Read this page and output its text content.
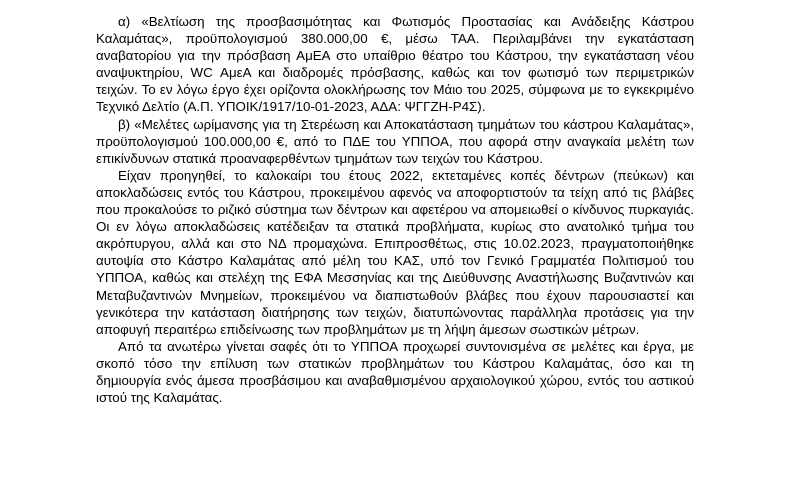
α) «Βελτίωση της προσβασιμότητας και Φωτισμός Προστασίας και Ανάδειξης Κάστρου Καλαμάτας», προϋπολογισμού 380.000,00 €, μέσω ΤΑΑ. Περιλαμβάνει την εγκατάσταση αναβατορίου για την πρόσβαση ΑμΕΑ στο υπαίθριο θέατρο του Κάστρου, την εγκατάσταση νέου αναψυκτηρίου, WC ΑμεΑ και διαδρομές πρόσβασης, καθώς και τον φωτισμό των περιμετρικών τειχών. Το εν λόγω έργο έχει ορίζοντα ολοκλήρωσης τον Μάιο του 2025, σύμφωνα με το εγκεκριμένο Τεχνικό Δελτίο (Α.Π. ΥΠΟΙΚ/1917/10-01-2023, ΑΔΑ: ΨΓΓΖΗ-Ρ4Σ).

β) «Μελέτες ωρίμανσης για τη Στερέωση και Αποκατάσταση τμημάτων του κάστρου Καλαμάτας», προϋπολογισμού 100.000,00 €, από το ΠΔΕ του ΥΠΠΟΑ, που αφορά στην αναγκαία μελέτη των επικίνδυνων στατικά προαναφερθέντων τμημάτων των τειχών του Κάστρου.

Είχαν προηγηθεί, το καλοκαίρι του έτους 2022, εκτεταμένες κοπές δέντρων (πεύκων) και αποκλαδώσεις εντός του Κάστρου, προκειμένου αφενός να αποφορτιστούν τα τείχη από τις βλάβες που προκαλούσε το ριζικό σύστημα των δέντρων και αφετέρου να απομειωθεί ο κίνδυνος πυρκαγιάς. Οι εν λόγω αποκλαδώσεις κατέδειξαν τα στατικά προβλήματα, κυρίως στο ανατολικό τμήμα του ακρόπυργου, αλλά και στο ΝΔ προμαχώνα. Επιπροσθέτως, στις 10.02.2023, πραγματοποιήθηκε αυτοψία στο Κάστρο Καλαμάτας από μέλη του ΚΑΣ, υπό τον Γενικό Γραμματέα Πολιτισμού του ΥΠΠΟΑ, καθώς και στελέχη της ΕΦΑ Μεσσηνίας και της Διεύθυνσης Αναστήλωσης Βυζαντινών και Μεταβυζαντινών Μνημείων, προκειμένου να διαπιστωθούν βλάβες που έχουν παρουσιαστεί και γενικότερα την κατάσταση διατήρησης των τειχών, διατυπώνοντας παράλληλα προτάσεις για την αποφυγή περαιτέρω επιδείνωσης των προβλημάτων με τη λήψη άμεσων σωστικών μέτρων.

Από τα ανωτέρω γίνεται σαφές ότι το ΥΠΠΟΑ προχωρεί συντονισμένα σε μελέτες και έργα, με σκοπό τόσο την επίλυση των στατικών προβλημάτων του Κάστρου Καλαμάτας, όσο και τη δημιουργία ενός άμεσα προσβάσιμου και αναβαθμισμένου αρχαιολογικού χώρου, εντός του αστικού ιστού της Καλαμάτας.
